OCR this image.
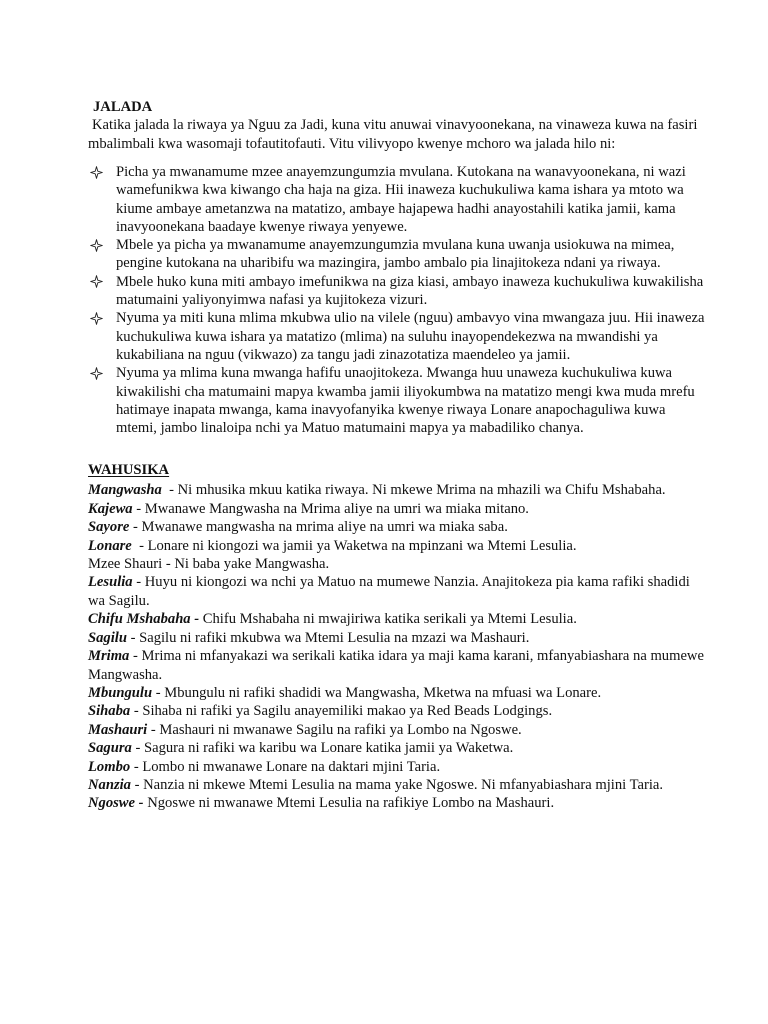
JALADA

Katika jalada la riwaya ya Nguu za Jadi, kuna vitu anuwai vinavyoonekana, na vinaweza kuwa na fasiri mbalimbali kwa wasomaji tofautitofauti. Vitu vilivyopo kwenye mchoro wa jalada hilo ni:

Picha ya mwanamume mzee anayemzungumzia mvulana. Kutokana na wanavyoonekana, ni wazi wamefunikwa kwa kiwango cha haja na giza. Hii inaweza kuchukuliwa kama ishara ya mtoto wa kiume ambaye ametanzwa na matatizo, ambaye hajapewa hadhi anayostahili katika jamii, kama inavyoonekana baadaye kwenye riwaya yenyewe.
Mbele ya picha ya mwanamume anayemzungumzia mvulana kuna uwanja usiokuwa na mimea, pengine kutokana na uharibifu wa mazingira, jambo ambalo pia linajitokeza ndani ya riwaya.
Mbele huko kuna miti ambayo imefunikwa na giza kiasi, ambayo inaweza kuchukuliwa kuwakilisha matumaini yaliyonyimwa nafasi ya kujitokeza vizuri.
Nyuma ya miti kuna mlima mkubwa ulio na vilele (nguu) ambavyo vina mwangaza juu. Hii inaweza kuchukuliwa kuwa ishara ya matatizo (mlima) na suluhu inayopendekezwa na mwandishi ya kukabiliana na nguu (vikwazo) za tangu jadi zinazotatiza maendeleo ya jamii.
Nyuma ya mlima kuna mwanga hafifu unaojitokeza. Mwanga huu unaweza kuchukuliwa kuwa kiwakilishi cha matumaini mapya kwamba jamii iliyokumbwa na matatizo mengi kwa muda mrefu hatimaye inapata mwanga, kama inavyofanyika kwenye riwaya Lonare anapochaguliwa kuwa mtemi, jambo linaloipa nchi ya Matuo matumaini mapya ya mabadiliko chanya.

WAHUSIKA

Mangwasha  - Ni mhusika mkuu katika riwaya. Ni mkewe Mrima na mhazili wa Chifu Mshabaha.

Kajewa - Mwanawe Mangwasha na Mrima aliye na umri wa miaka mitano.

Sayore - Mwanawe mangwasha na mrima aliye na umri wa miaka saba.

Lonare  - Lonare ni kiongozi wa jamii ya Waketwa na mpinzani wa Mtemi Lesulia.

Mzee Shauri - Ni baba yake Mangwasha.

Lesulia - Huyu ni kiongozi wa nchi ya Matuo na mumewe Nanzia. Anajitokeza pia kama rafiki shadidi wa Sagilu.

Chifu Mshabaha - Chifu Mshabaha ni mwajiriwa katika serikali ya Mtemi Lesulia.

Sagilu - Sagilu ni rafiki mkubwa wa Mtemi Lesulia na mzazi wa Mashauri.

Mrima - Mrima ni mfanyakazi wa serikali katika idara ya maji kama karani, mfanyabiashara na mumewe Mangwasha.

Mbungulu - Mbungulu ni rafiki shadidi wa Mangwasha, Mketwa na mfuasi wa Lonare.

Sihaba - Sihaba ni rafiki ya Sagilu anayemiliki makao ya Red Beads Lodgings.

Mashauri - Mashauri ni mwanawe Sagilu na rafiki ya Lombo na Ngoswe.

Sagura - Sagura ni rafiki wa karibu wa Lonare katika jamii ya Waketwa.

Lombo - Lombo ni mwanawe Lonare na daktari mjini Taria.

Nanzia - Nanzia ni mkewe Mtemi Lesulia na mama yake Ngoswe. Ni mfanyabiashara mjini Taria.

Ngoswe - Ngoswe ni mwanawe Mtemi Lesulia na rafikiye Lombo na Mashauri.
